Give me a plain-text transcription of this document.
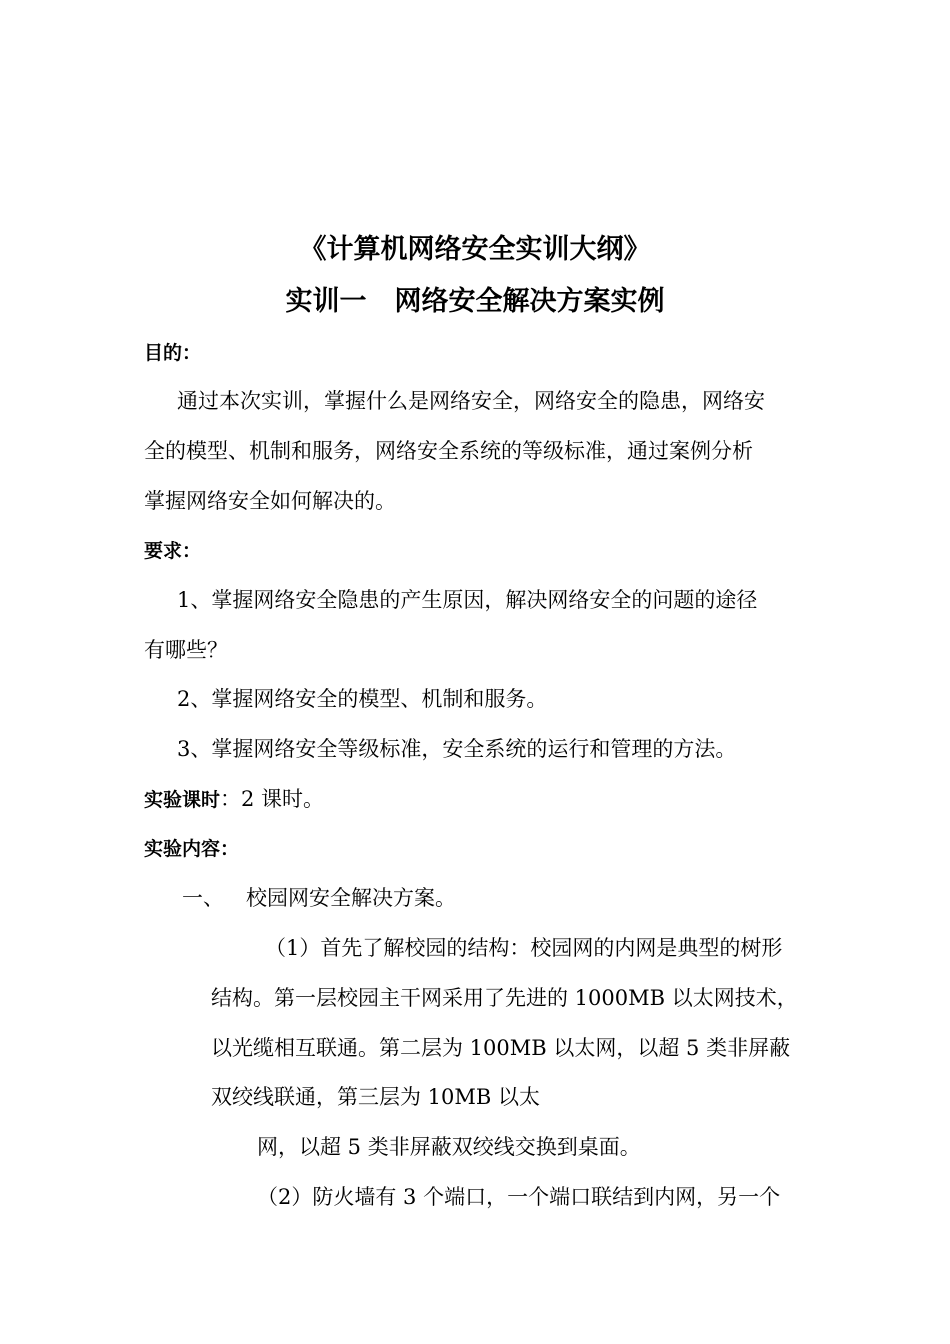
《计算机网络安全实训大纲》
实训一 网络安全解决方案实例
目的：
通过本次实训，掌握什么是网络安全，网络安全的隐患，网络安
全的模型、机制和服务，网络安全系统的等级标准，通过案例分析
掌握网络安全如何解决的。
要求：
1、掌握网络安全隐患的产生原因，解决网络安全的问题的途径
有哪些？
2、掌握网络安全的模型、机制和服务。
3、掌握网络安全等级标准，安全系统的运行和管理的方法。
实验课时：2 课时。
实验内容：
一、 校园网安全解决方案。
（1）首先了解校园的结构：校园网的内网是典型的树形
结构。第一层校园主干网采用了先进的 1000MB 以太网技术，
以光缆相互联通。第二层为 100MB 以太网，以超 5 类非屏蔽
双绞线联通，第三层为 10MB 以太
网，以超 5 类非屏蔽双绞线交换到桌面。
（2）防火墙有 3 个端口，一个端口联结到内网，另一个
